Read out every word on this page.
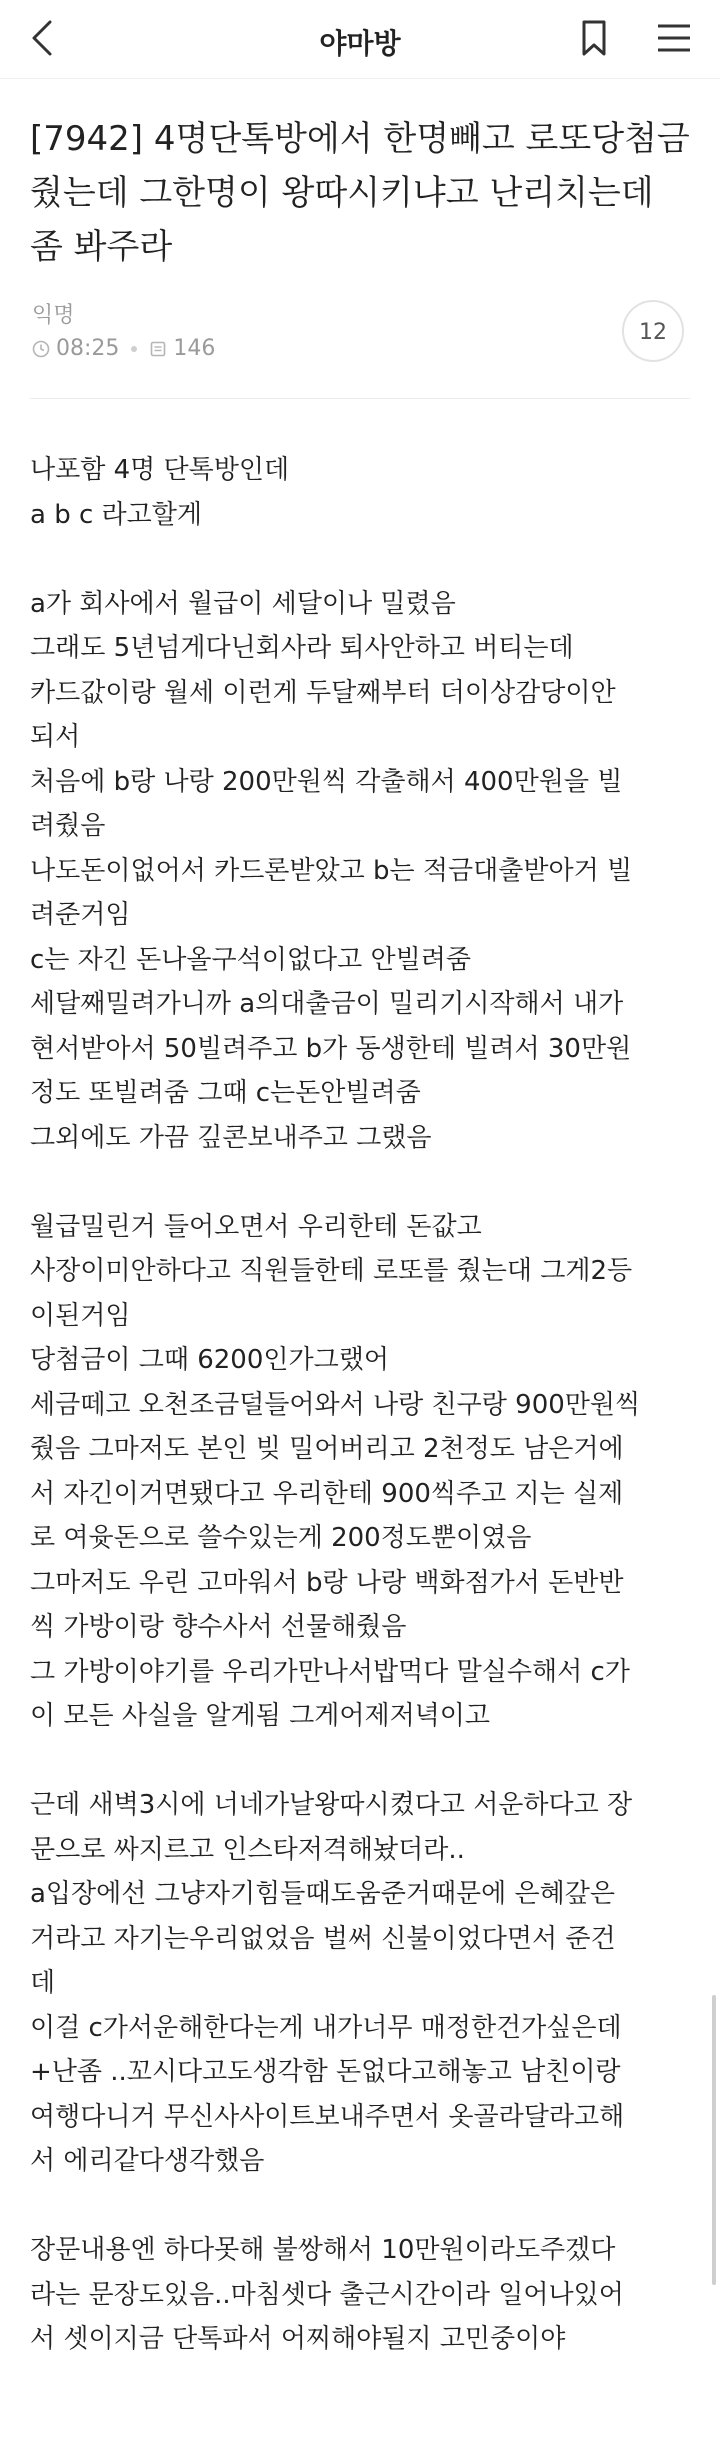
야마방
[7942] 4명단톡방에서 한명빼고 로또당첨금 줬는데 그한명이 왕따시키냐고 난리치는데 좀 봐주라
익명
08:25 146
12
나포함 4명 단톡방인데
a b c 라고할게
a가 회사에서 월급이 세달이나 밀렸음
그래도 5년넘게다닌회사라 퇴사안하고 버티는데
카드값이랑 월세 이런게 두달째부터 더이상감당이안
되서
처음에 b랑 나랑 200만원씩 각출해서 400만원을 빌
려줬음
나도돈이없어서 카드론받았고 b는 적금대출받아거 빌
려준거임
c는 자긴 돈나올구석이없다고 안빌려줌
세달째밀려가니까 a의대출금이 밀리기시작해서 내가
현서받아서 50빌려주고 b가 동생한테 빌려서 30만원
정도 또빌려줌 그때 c는돈안빌려줌
그외에도 가끔 깊콘보내주고 그랬음
월급밀린거 들어오면서 우리한테 돈값고
사장이미안하다고 직원들한테 로또를 줬는대 그게2등
이된거임
당첨금이 그때 6200인가그랬어
세금떼고 오천조금덜들어와서 나랑 친구랑 900만원씩
줬음 그마저도 본인 빚 밀어버리고 2천정도 남은거에
서 자긴이거면됐다고 우리한테 900씩주고 지는 실제
로 여윳돈으로 쓸수있는게 200정도뿐이였음
그마저도 우린 고마워서 b랑 나랑 백화점가서 돈반반
씩 가방이랑 향수사서 선물해줬음
그 가방이야기를 우리가만나서밥먹다 말실수해서 c가
이 모든 사실을 알게됨 그게어제저녁이고
근데 새벽3시에 너네가날왕따시켰다고 서운하다고 장
문으로 싸지르고 인스타저격해놨더라..
a입장에선 그냥자기힘들때도움준거때문에 은혜갚은
거라고 자기는우리없었음 벌써 신불이었다면서 준건
데
이걸 c가서운해한다는게 내가너무 매정한건가싶은데
+난좀 ..꼬시다고도생각함 돈없다고해놓고 남친이랑
여행다니거 무신사사이트보내주면서 옷골라달라고해
서 에리같다생각했음
장문내용엔 하다못해 불쌍해서 10만원이라도주겠다
라는 문장도있음..마침셋다 출근시간이라 일어나있어
서 셋이지금 단톡파서 어찌해야될지 고민중이야
